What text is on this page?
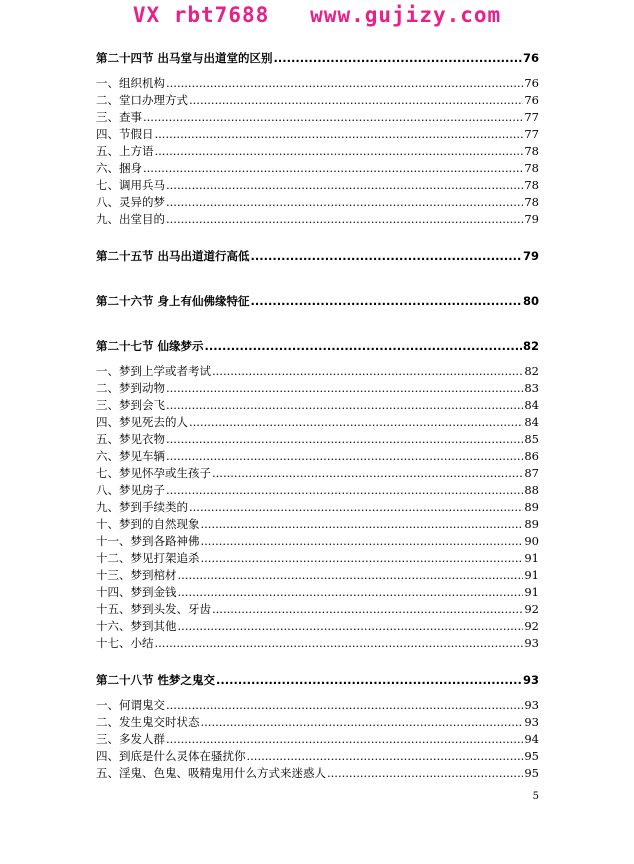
VX rbt7688   www.gujizy.com
第二十四节 出马堂与出道堂的区别 .....	76
一、组织机构 .....	76
二、堂口办理方式 .....	76
三、查事 .....	77
四、节假日 .....	77
五、上方语 .....	78
六、捆身 .....	78
七、调用兵马 .....	78
八、灵异的梦 .....	78
九、出堂目的 .....	79
第二十五节 出马出道道行高低 .....	79
第二十六节 身上有仙佛缘特征 .....	80
第二十七节 仙缘梦示 .....	82
一、梦到上学或者考试 .....	82
二、梦到动物 .....	83
三、梦到会飞 .....	84
四、梦见死去的人 .....	84
五、梦见衣物 .....	85
六、梦见车辆 .....	86
七、梦见怀孕或生孩子 .....	87
八、梦见房子 .....	88
九、梦到手续类的 .....	89
十、梦到的自然现象 .....	89
十一、梦到各路神佛 .....	90
十二、梦见打架追杀 .....	91
十三、梦到棺材 .....	91
十四、梦到金钱 .....	91
十五、梦到头发、牙齿 .....	92
十六、梦到其他 .....	92
十七、小结 .....	93
第二十八节 性梦之鬼交 .....	93
一、何谓鬼交 .....	93
二、发生鬼交时状态 .....	93
三、多发人群 .....	94
四、到底是什么灵体在骚扰你 .....	95
五、淫鬼、色鬼、吸精鬼用什么方式来迷惑人 .....	95
5
